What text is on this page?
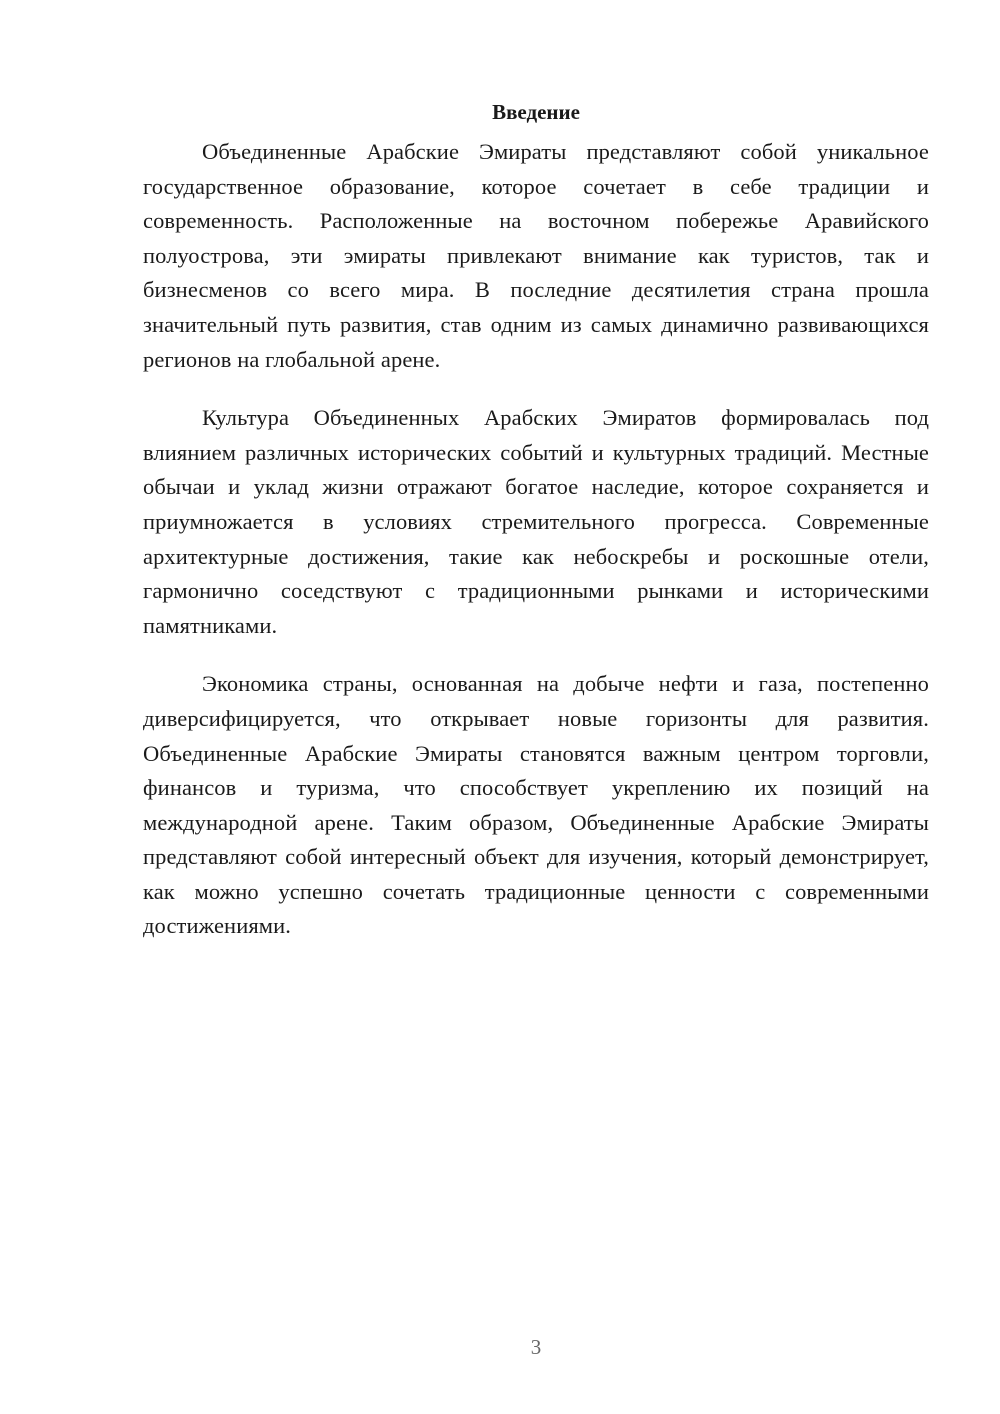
Введение

Объединенные Арабские Эмираты представляют собой уникальное государственное образование, которое сочетает в себе традиции и современность. Расположенные на восточном побережье Аравийского полуострова, эти эмираты привлекают внимание как туристов, так и бизнесменов со всего мира. В последние десятилетия страна прошла значительный путь развития, став одним из самых динамично развивающихся регионов на глобальной арене.

Культура Объединенных Арабских Эмиратов формировалась под влиянием различных исторических событий и культурных традиций. Местные обычаи и уклад жизни отражают богатое наследие, которое сохраняется и приумножается в условиях стремительного прогресса. Современные архитектурные достижения, такие как небоскребы и роскошные отели, гармонично соседствуют с традиционными рынками и историческими памятниками.

Экономика страны, основанная на добыче нефти и газа, постепенно диверсифицируется, что открывает новые горизонты для развития. Объединенные Арабские Эмираты становятся важным центром торговли, финансов и туризма, что способствует укреплению их позиций на международной арене. Таким образом, Объединенные Арабские Эмираты представляют собой интересный объект для изучения, который демонстрирует, как можно успешно сочетать традиционные ценности с современными достижениями.

3
